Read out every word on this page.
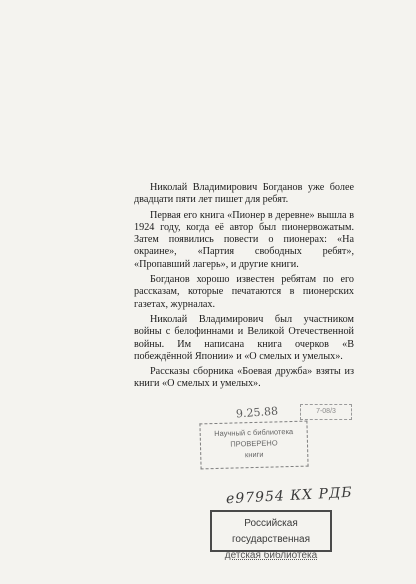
Николай Владимирович Богданов уже более двадцати пяти лет пишет для ребят.

Первая его книга «Пионер в деревне» вышла в 1924 году, когда её автор был пионервожатым. Затем появились повести о пионерах: «На окраине», «Партия свободных ребят», «Пропавший лагерь», и другие книги.

Богданов хорошо известен ребятам по его рассказам, которые печатаются в пионерских газетах, журналах.

Николай Владимирович был участником войны с белофиннами и Великой Отечественной войны. Им написана книга очерков «В побеждённой Японии» и «О смелых и умелых».

Рассказы сборника «Боевая дружба» взяты из книги «О смелых и умелых».

9.25.88	7-08/3
Научный с библиотека
ПРОВЕРЕНО
книги
е97954 КХ РДБ
Российская государственная
детская библиотека
